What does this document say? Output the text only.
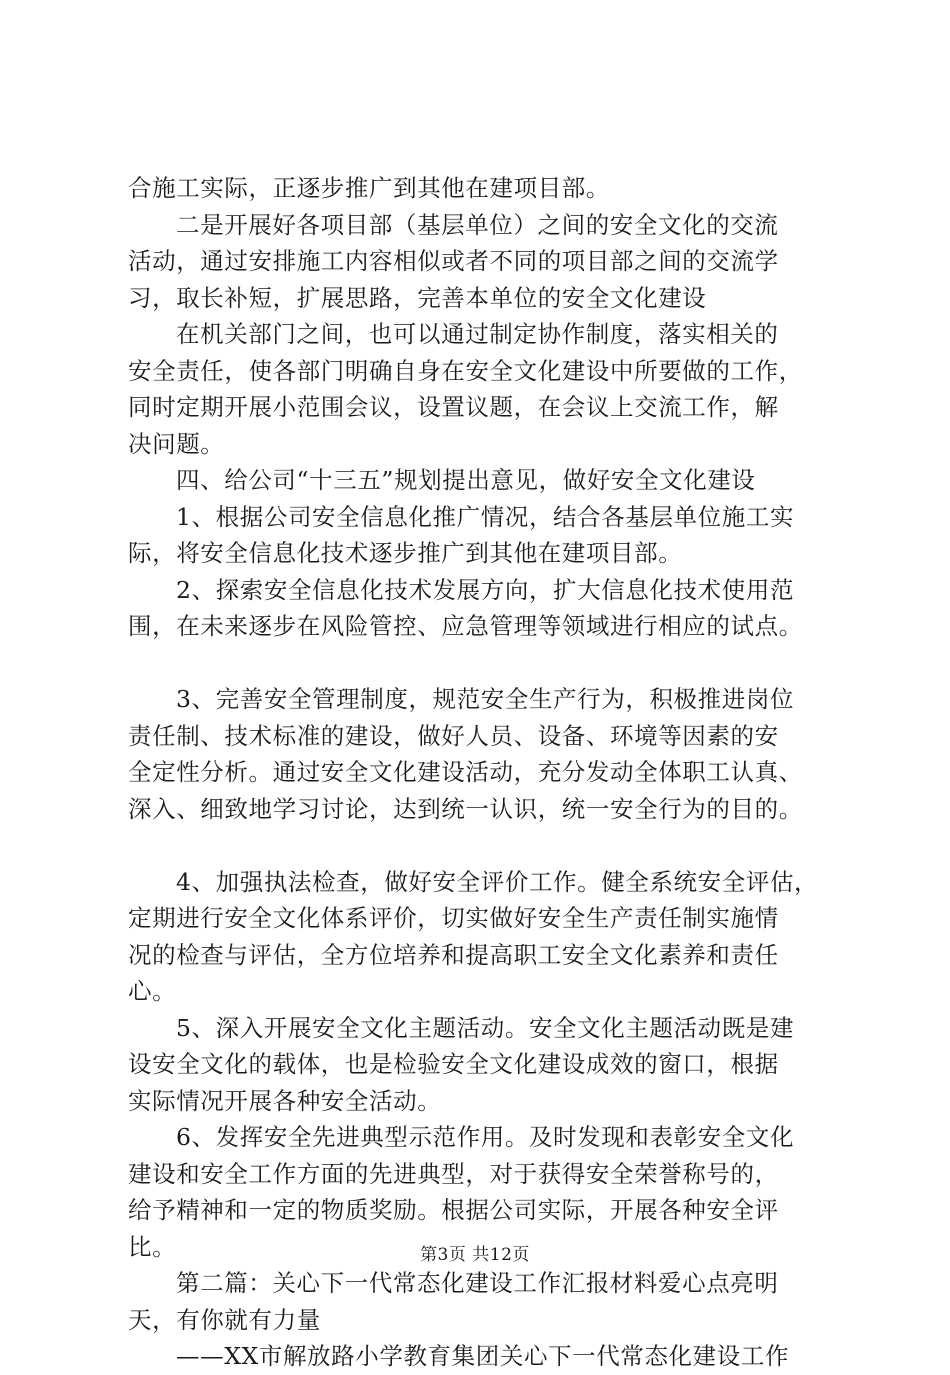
合施工实际，正逐步推广到其他在建项目部。
二是开展好各项目部（基层单位）之间的安全文化的交流
活动，通过安排施工内容相似或者不同的项目部之间的交流学
习，取长补短，扩展思路，完善本单位的安全文化建设
在机关部门之间，也可以通过制定协作制度，落实相关的
安全责任，使各部门明确自身在安全文化建设中所要做的工作，
同时定期开展小范围会议，设置议题，在会议上交流工作，解
决问题。
四、给公司“十三五”规划提出意见，做好安全文化建设
1、根据公司安全信息化推广情况，结合各基层单位施工实
际，将安全信息化技术逐步推广到其他在建项目部。
2、探索安全信息化技术发展方向，扩大信息化技术使用范
围，在未来逐步在风险管控、应急管理等领域进行相应的试点。
3、完善安全管理制度，规范安全生产行为，积极推进岗位
责任制、技术标准的建设，做好人员、设备、环境等因素的安
全定性分析。通过安全文化建设活动，充分发动全体职工认真、
深入、细致地学习讨论，达到统一认识，统一安全行为的目的。
4、加强执法检查，做好安全评价工作。健全系统安全评估，
定期进行安全文化体系评价，切实做好安全生产责任制实施情
况的检查与评估，全方位培养和提高职工安全文化素养和责任
心。
5、深入开展安全文化主题活动。安全文化主题活动既是建
设安全文化的载体，也是检验安全文化建设成效的窗口，根据
实际情况开展各种安全活动。
6、发挥安全先进典型示范作用。及时发现和表彰安全文化
建设和安全工作方面的先进典型，对于获得安全荣誉称号的，
给予精神和一定的物质奖励。根据公司实际，开展各种安全评
比。
第二篇：关心下一代常态化建设工作汇报材料爱心点亮明
天，有你就有力量
——XX市解放路小学教育集团关心下一代常态化建设工作
第3页 共12页
